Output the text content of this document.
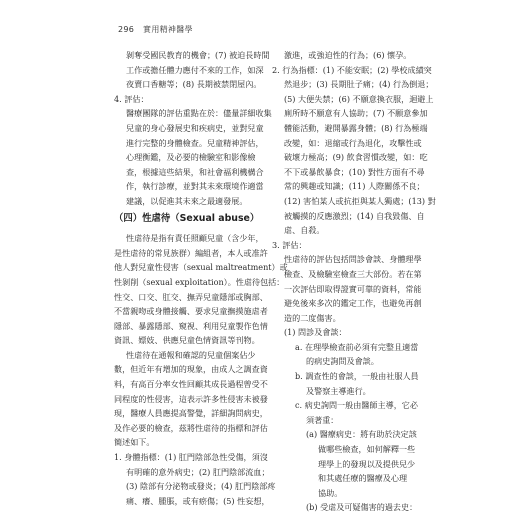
296 實用精神醫學

剝奪受國民教育的機會；(7) 被迫長時間

工作或擔任體力應付不來的工作，如深

夜賣口香糖等；(8) 長期被禁閉屋內。

4. 評估：

醫療團隊的評估重點在於：儘量詳細收集

兒童的身心發展史和疾病史，並對兒童

進行完整的身體檢查。兒童精神評估，

心理衡鑑，及必要的檢驗室和影像檢

查，根據這些結果，和社會福利機構合

作，執行診療，並對其未來環境作適當

建議，以促進其未來之最適發展。

（四）性虐待（Sexual abuse）

性虐待是指有責任照顧兒童（含少年，

是性虐待的常見族群）編組者，本人或准許

他人對兒童性侵害（sexual maltreatment）或

性剝削（sexual exploitation）。性虐待包括：

性交、口交、肛交、撫弄兒童隱部或胸部、

不當親吻或身體接觸、要求兒童撫摸施虐者

隱部、暴露隱部、窺視、利用兒童製作色情

資訊、嫖妓、供應兒童色情資訊等刊物。

性虐待在通報和確認的兒童個案佔少

數，但近年有增加的現象，由成人之調查資

料，有高百分率女性回顧其成長過程曾受不

同程度的性侵害，這表示許多性侵害未被發

現，醫療人員應提高警覺，詳細詢問病史，

及作必要的檢查，茲將性虐待的指標和評估

簡述如下。

1. 身體指標：(1) 肛門陰部急性受傷，須沒

有明確的意外病史；(2) 肛門陰部流血；

(3) 陰部有分泌物或發炎；(4) 肛門陰部疼

痛、癢、腫脹，或有瘀傷；(5) 性妄想，

激進，或強迫性的行為；(6) 懷孕。

2. 行為指標：(1) 不能安眠；(2) 學校成績突

然退步；(3) 長期肚子痛；(4) 行為倒退；

(5) 大便失禁；(6) 不願意換衣服，迴避上

廁所時不願意有人協助；(7) 不願意參加

體能活動，避開暴露身體；(8) 行為極端

改變，如：退縮或行為退化，攻擊性或

破壞力極高；(9) 飲食習慣改變，如：吃

不下或暴飲暴食；(10) 對性方面有不尋

常的興趣或知識；(11) 人際關係不良；

(12) 害怕某人或抗拒與某人獨處；(13) 對

被觸摸的反應激烈；(14) 自我毀傷、自

虐、自殺。

3. 評估：

性虐待的評估包括問診會談、身體理學

檢查、及檢驗室檢查三大部份。若在第

一次評估即取得證實可靠的資料，常能

避免後來多次的鑑定工作，也避免再創

造的二度傷害。

(1) 問診及會談：

a. 在理學檢查前必須有完整且適當

的病史詢問及會談。

b. 調查性的會談，一般由社服人員

及警察主導進行。

c. 病史詢問一般由醫師主導，它必

須著重：

(a) 醫療病史：將有助於決定該

做哪些檢查，如何解釋一些

理學上的發現以及提供兒少

和其處任療的醫療及心理

協助。

(b) 受虐及可疑傷害的過去史：
